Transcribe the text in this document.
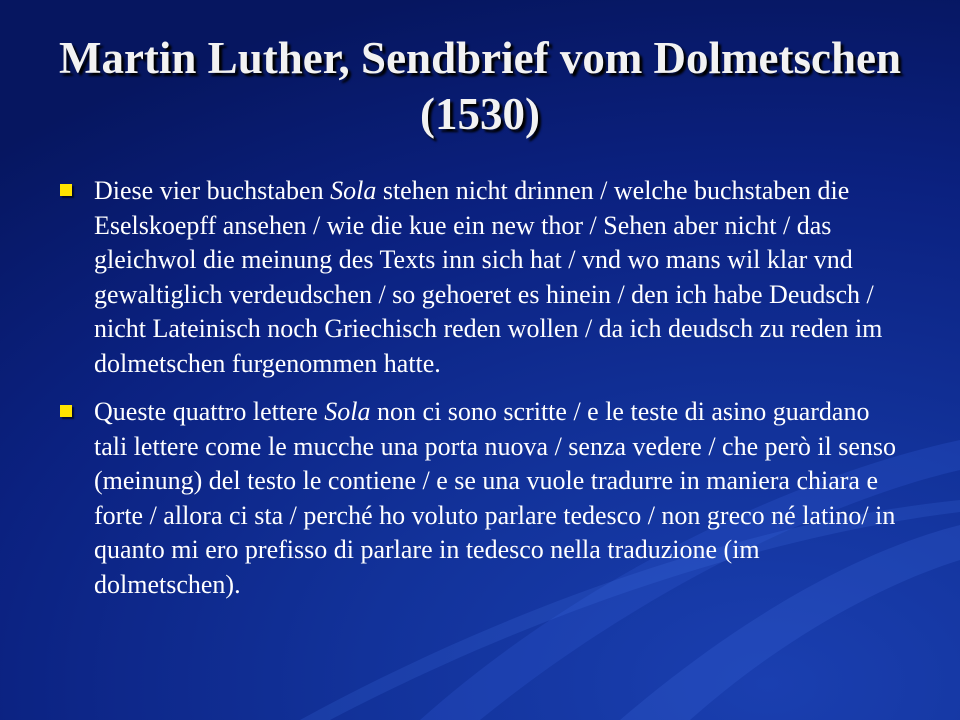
Martin Luther, Sendbrief vom Dolmetschen (1530)
Diese vier buchstaben Sola stehen nicht drinnen / welche buchstaben die Eselskoepff ansehen / wie die kue ein new thor / Sehen aber nicht / das gleichwol die meinung des Texts inn sich hat / vnd wo mans wil klar vnd gewaltiglich verdeudschen / so gehoeret es hinein / den ich habe Deudsch / nicht Lateinisch noch Griechisch reden wollen / da ich deudsch zu reden im dolmetschen furgenommen hatte.
Queste quattro lettere Sola non ci sono scritte / e le teste di asino guardano tali lettere come le mucche una porta nuova / senza vedere / che però il senso (meinung) del testo le contiene / e se una vuole tradurre in maniera chiara e forte / allora ci sta / perché ho voluto parlare tedesco / non greco né latino/ in quanto mi ero prefisso di parlare in tedesco nella traduzione (im dolmetschen).
